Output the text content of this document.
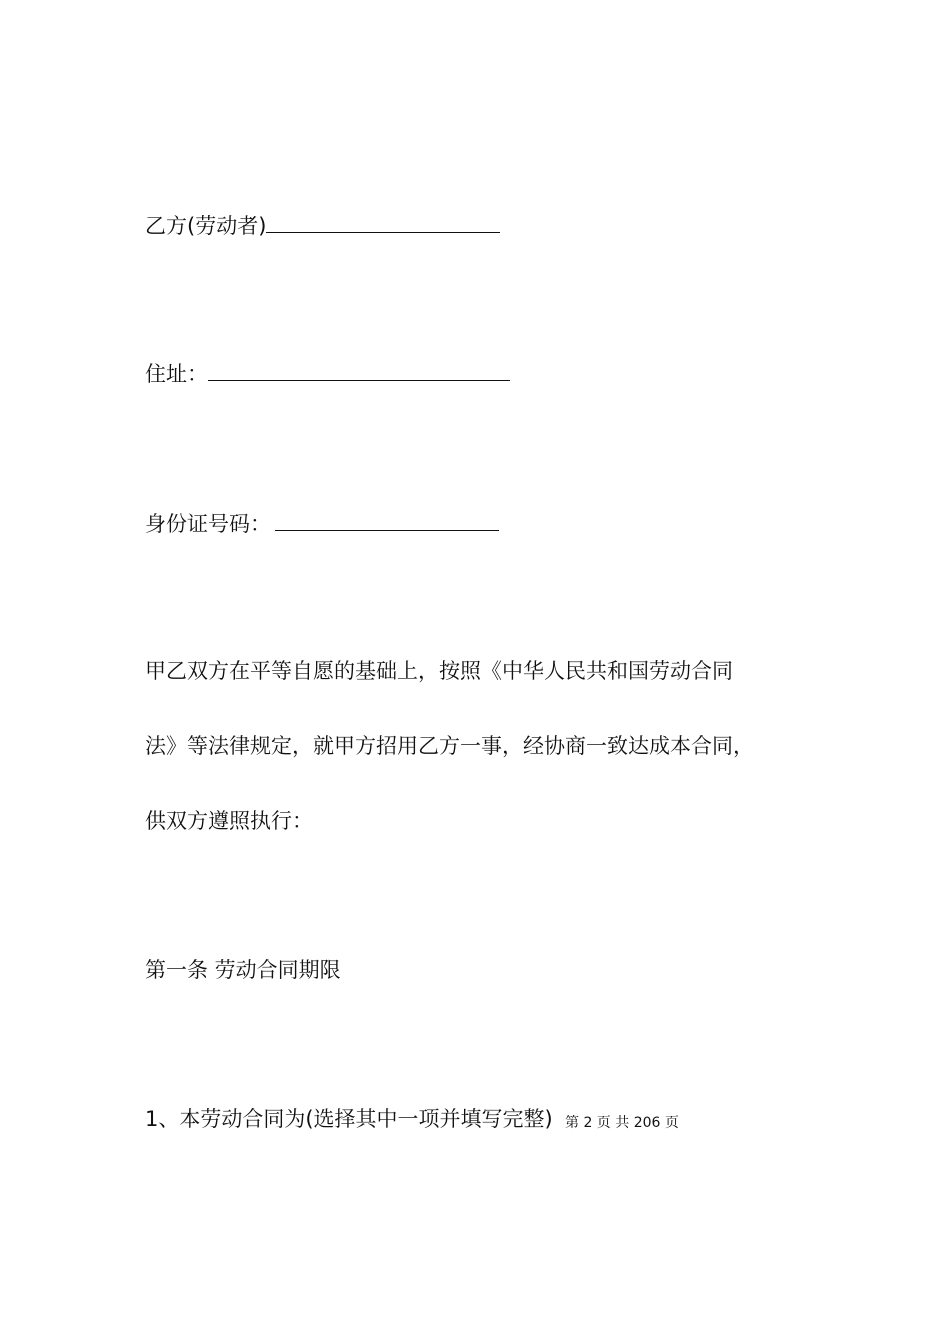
乙方(劳动者)
住址：
身份证号码：
甲乙双方在平等自愿的基础上，按照《中华人民共和国劳动合同
法》等法律规定，就甲方招用乙方一事，经协商一致达成本合同，
供双方遵照执行：
第一条 劳动合同期限
1、本劳动合同为(选择其中一项并填写完整) 第 2 页 共 206 页
